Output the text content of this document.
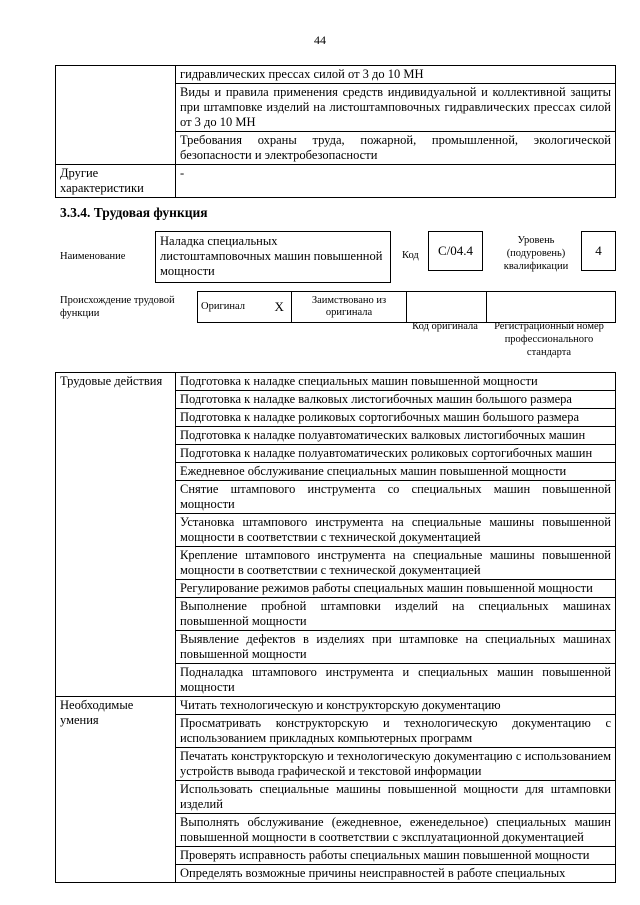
44
	гидравлических прессах силой от 3 до 10 МН
	Виды и правила применения средств индивидуальной и коллективной защиты при штамповке изделий на листоштамповочных гидравлических прессах силой от 3 до 10 МН
	Требования охраны труда, пожарной, промышленной, экологической безопасности и электробезопасности
Другие характеристики	-
3.3.4. Трудовая функция
Наименование
Наладка специальных листоштамповочных машин повышенной мощности
Код	C/04.4
Уровень (подуровень) квалификации
4
Происхождение трудовой функции
Оригинал	X	Заимствовано из оригинала		
Код оригинала	Регистрационный номер профессионального стандарта
Трудовые действия	Подготовка к наладке специальных машин повышенной мощности
	Подготовка к наладке валковых листогибочных машин большого размера
	Подготовка к наладке роликовых сортогибочных машин большого размера
	Подготовка к наладке полуавтоматических валковых листогибочных машин
	Подготовка к наладке полуавтоматических роликовых сортогибочных машин
	Ежедневное обслуживание специальных машин повышенной мощности
	Снятие штампового инструмента со специальных машин повышенной мощности
	Установка штампового инструмента на специальные машины повышенной мощности в соответствии с технической документацией
	Крепление штампового инструмента на специальные машины повышенной мощности в соответствии с технической документацией
	Регулирование режимов работы специальных машин повышенной мощности
	Выполнение пробной штамповки изделий на специальных машинах повышенной мощности
	Выявление дефектов в изделиях при штамповке на специальных машинах повышенной мощности
	Подналадка штампового инструмента и специальных машин повышенной мощности
Необходимые умения	Читать технологическую и конструкторскую документацию
	Просматривать конструкторскую и технологическую документацию с использованием прикладных компьютерных программ
	Печатать конструкторскую и технологическую документацию с использованием устройств вывода графической и текстовой информации
	Использовать специальные машины повышенной мощности для штамповки изделий
	Выполнять обслуживание (ежедневное, еженедельное) специальных машин повышенной мощности в соответствии с эксплуатационной документацией
	Проверять исправность работы специальных машин повышенной мощности
	Определять возможные причины неисправностей в работе специальных
